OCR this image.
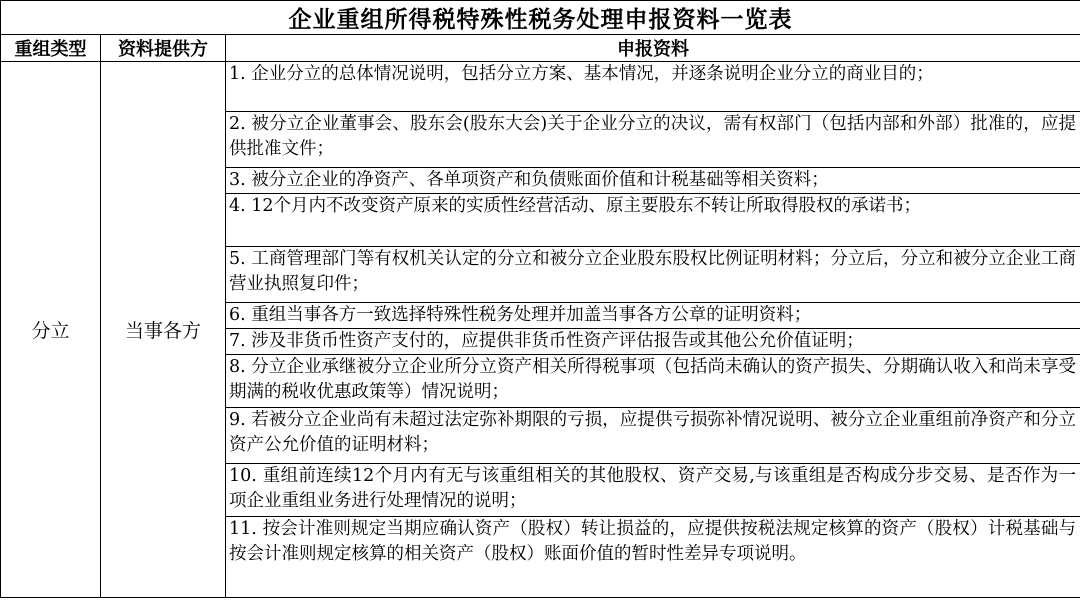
企业重组所得税特殊性税务处理申报资料一览表		
重组类型	资料提供方	申报资料
分立	当事各方	1. 企业分立的总体情况说明，包括分立方案、基本情况，并逐条说明企业分立的商业目的；
		2. 被分立企业董事会、股东会(股东大会)关于企业分立的决议，需有权部门（包括内部和外部）批准的，应提供批准文件；
		3. 被分立企业的净资产、各单项资产和负债账面价值和计税基础等相关资料；
		4. 12个月内不改变资产原来的实质性经营活动、原主要股东不转让所取得股权的承诺书；
		5. 工商管理部门等有权机关认定的分立和被分立企业股东股权比例证明材料；分立后，分立和被分立企业工商营业执照复印件；
		6. 重组当事各方一致选择特殊性税务处理并加盖当事各方公章的证明资料；
		7. 涉及非货币性资产支付的，应提供非货币性资产评估报告或其他公允价值证明；
		8. 分立企业承继被分立企业所分立资产相关所得税事项（包括尚未确认的资产损失、分期确认收入和尚未享受期满的税收优惠政策等）情况说明；
		9. 若被分立企业尚有未超过法定弥补期限的亏损，应提供亏损弥补情况说明、被分立企业重组前净资产和分立资产公允价值的证明材料；
		10. 重组前连续12个月内有无与该重组相关的其他股权、资产交易,与该重组是否构成分步交易、是否作为一项企业重组业务进行处理情况的说明；
		11. 按会计准则规定当期应确认资产（股权）转让损益的，应提供按税法规定核算的资产（股权）计税基础与按会计准则规定核算的相关资产（股权）账面价值的暂时性差异专项说明。
